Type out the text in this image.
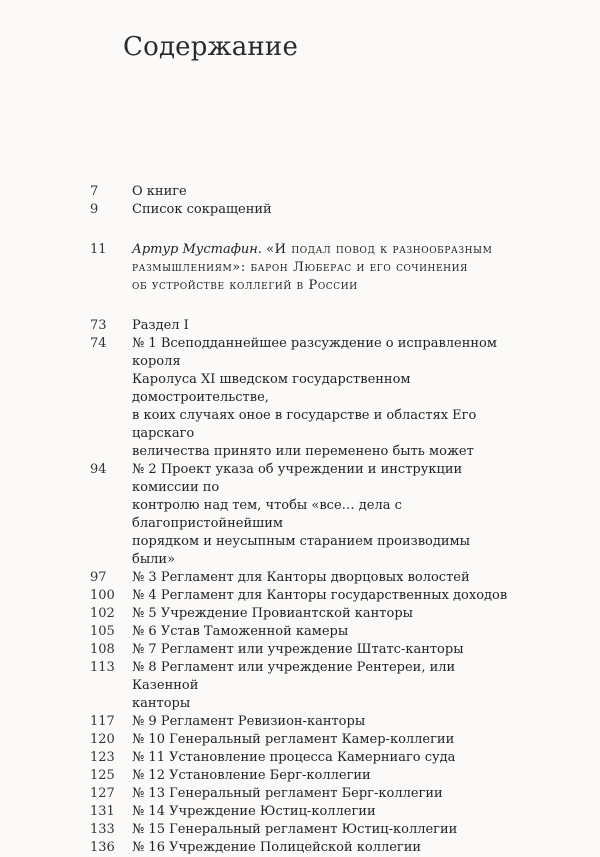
Содержание
7	О книге
9	Список сокращений
11	Артур Мустафин. «И подал повод к разнообразным
размышлениям»: барон Люберас и его сочинения
об устройстве коллегий в России
73	Раздел I
74	№ 1 Всеподданнейшее разсуждение о исправленном короля
Каролуса XI шведском государственном домостроительстве,
в коих случаях оное в государстве и областях Его царскаго
величества принято или переменено быть может
94	№ 2 Проект указа об учреждении и инструкции комиссии по
контролю над тем, чтобы «все… дела с благопристойнейшим
порядком и неусыпным старанием производимы были»
97	№ 3 Регламент для Канторы дворцовых волостей
100	№ 4 Регламент для Канторы государственных доходов
102	№ 5 Учреждение Провиантской канторы
105	№ 6 Устав Таможенной камеры
108	№ 7 Регламент или учреждение Штатс-канторы
113	№ 8 Регламент или учреждение Рентереи, или Казенной
канторы
117	№ 9 Регламент Ревизион-канторы
120	№ 10 Генеральный регламент Камер-коллегии
123	№ 11 Установление процесса Камерниаго суда
125	№ 12 Установление Берг-коллегии
127	№ 13 Генеральный регламент Берг-коллегии
131	№ 14 Учреждение Юстиц-коллегии
133	№ 15 Генеральный регламент Юстиц-коллегии
136	№ 16 Учреждение Полицейской коллегии
